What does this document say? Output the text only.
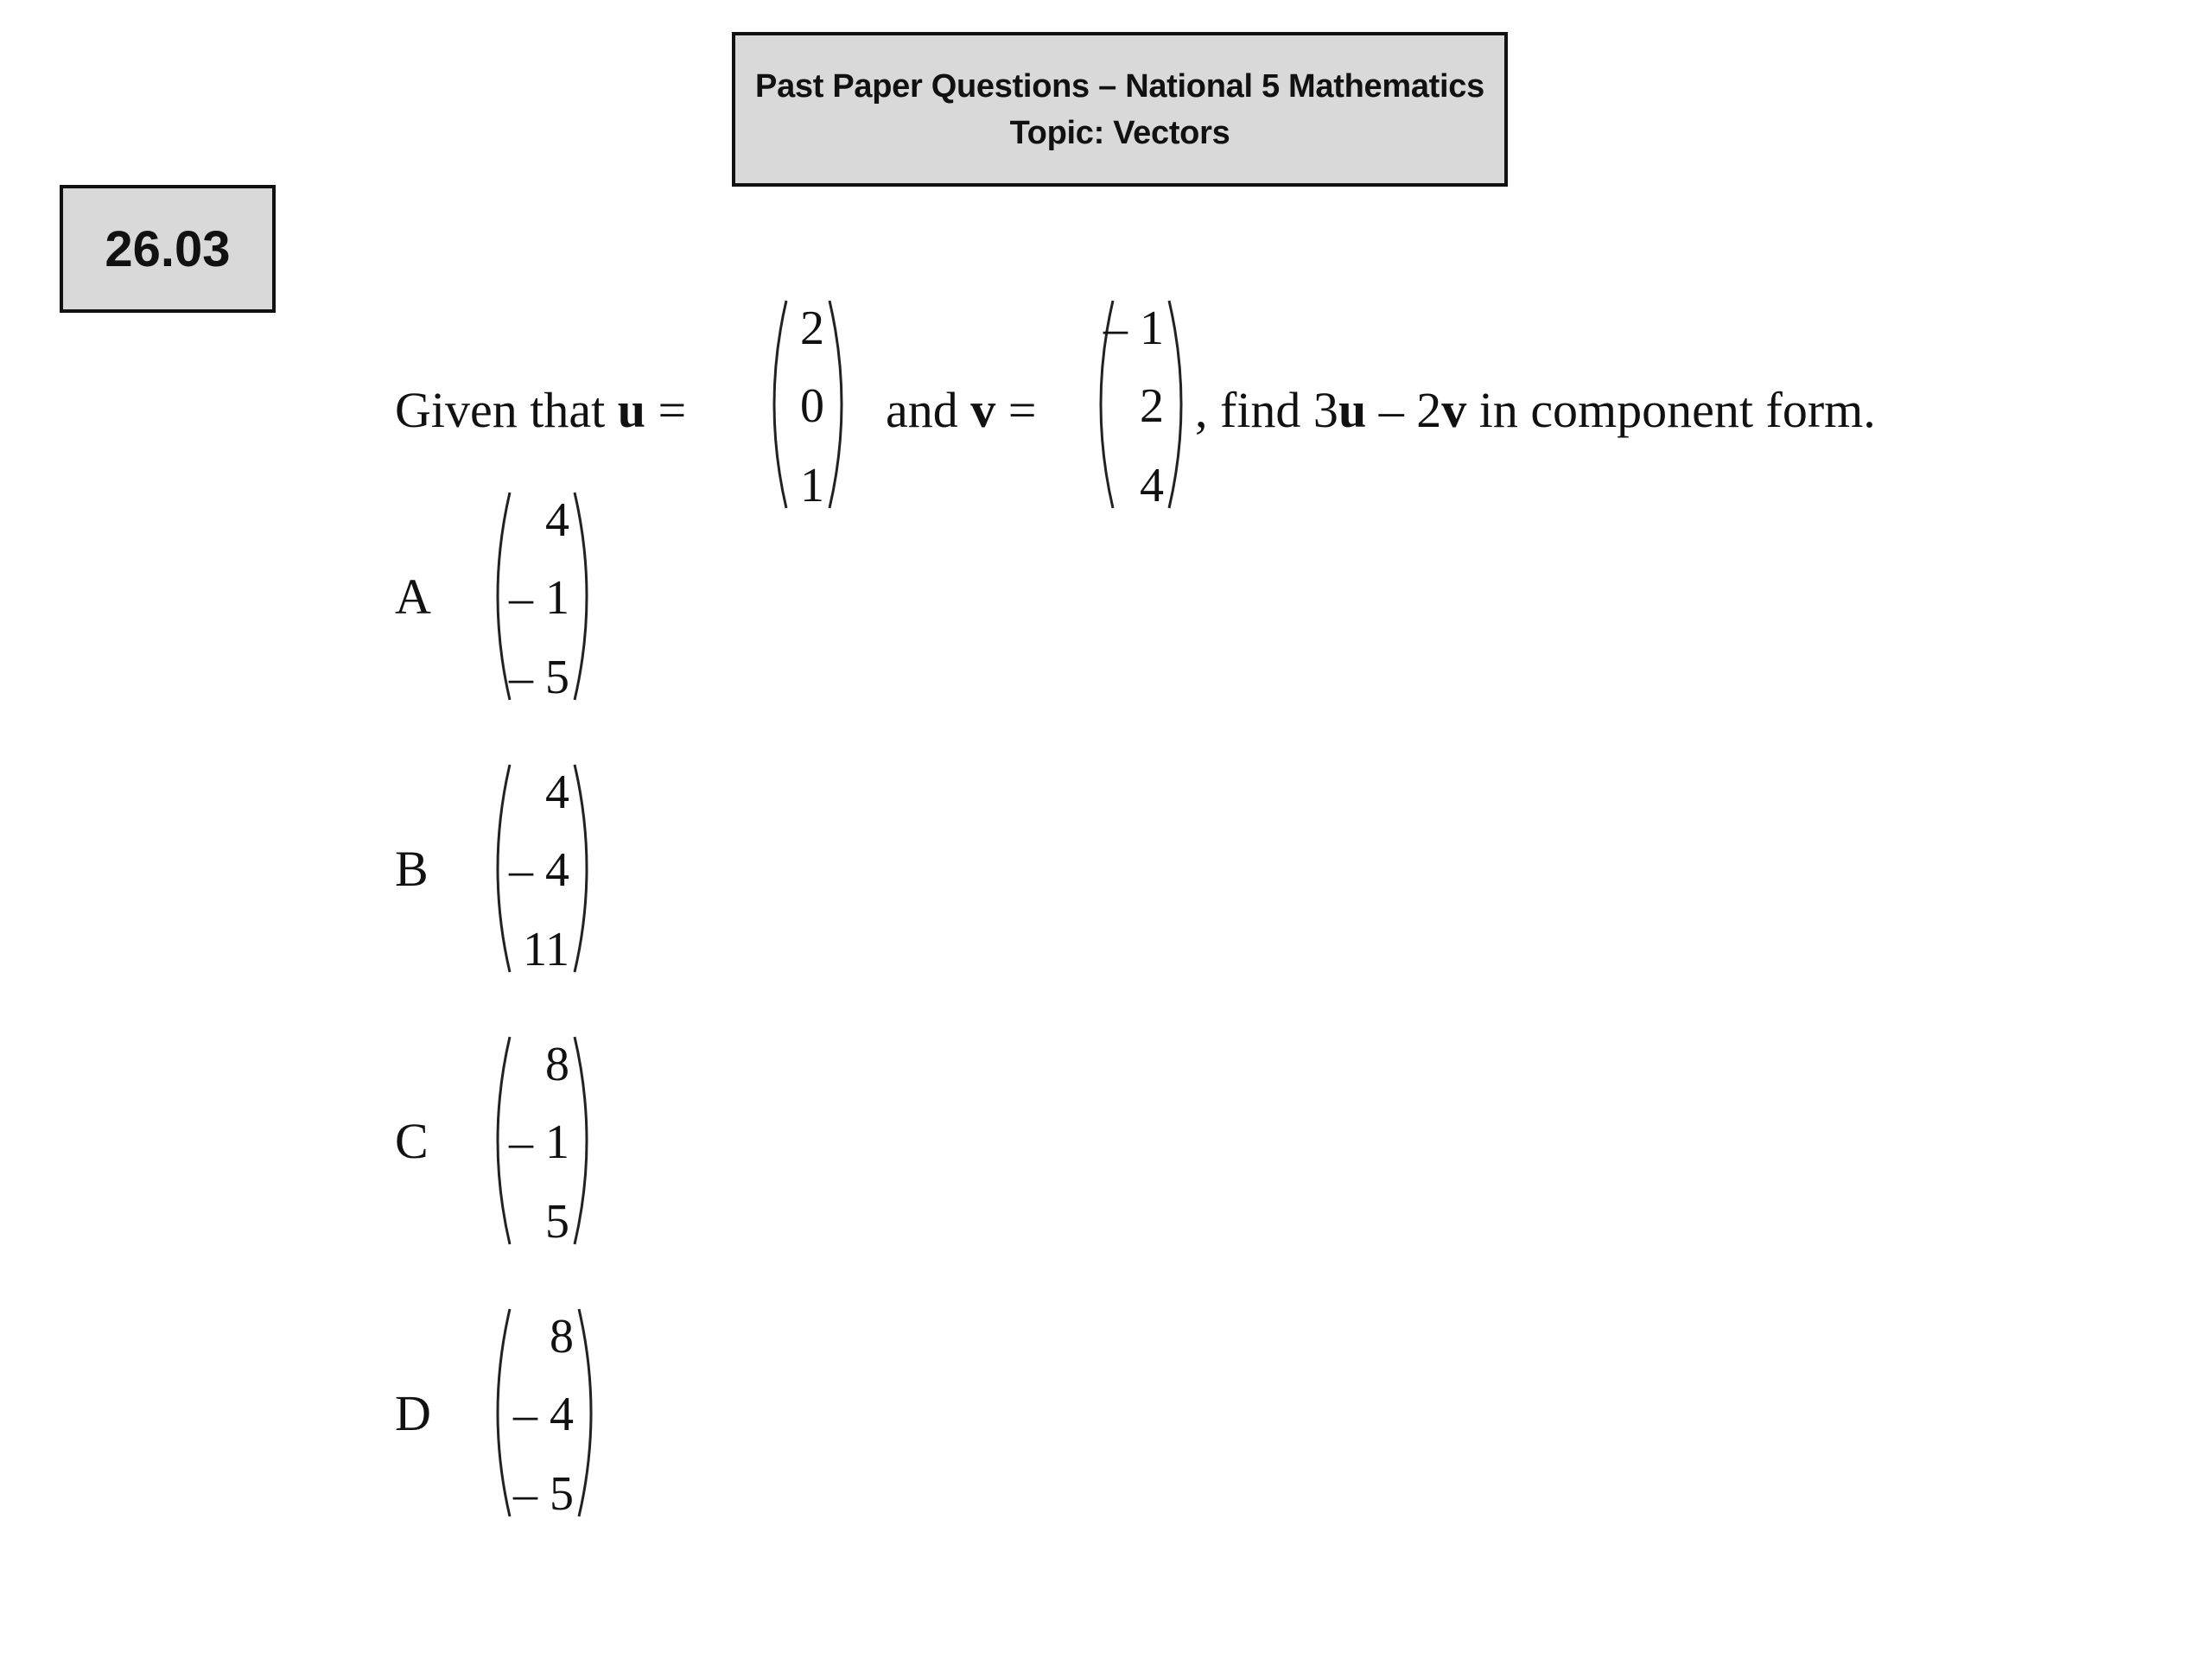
Past Paper Questions – National 5 Mathematics
Topic: Vectors
26.03
Given that u =
2
0
1
and v =
– 1
2
4
, find 3u – 2v in component form.
A
4
– 1
– 5
B
4
– 4
11
C
8
– 1
5
D
8
– 4
– 5
